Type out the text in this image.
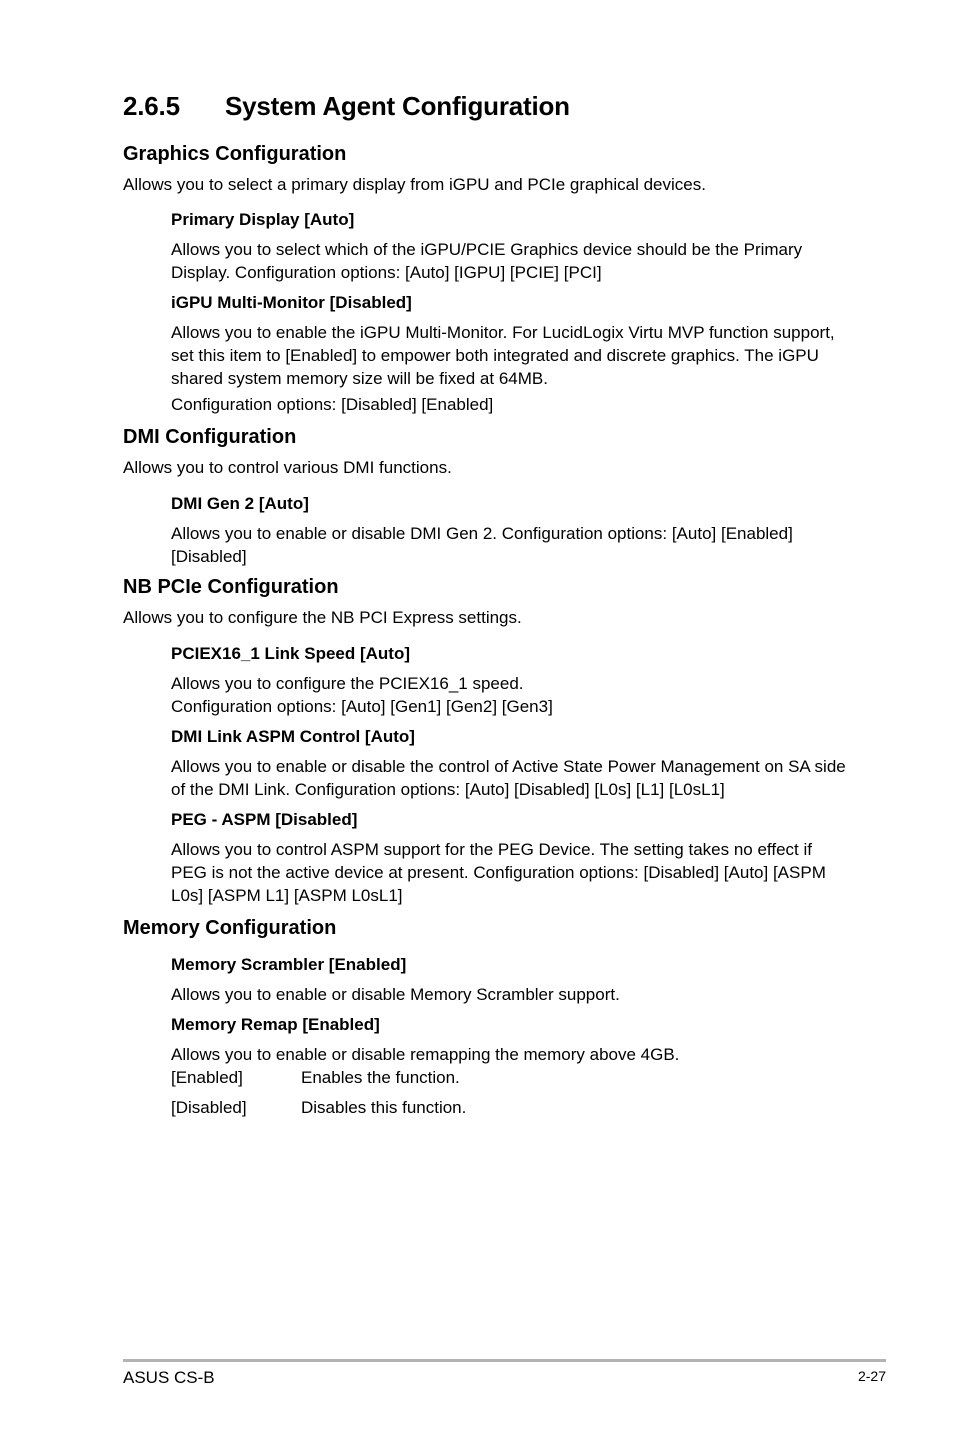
2.6.5 System Agent Configuration
Graphics Configuration

Allows you to select a primary display from iGPU and PCIe graphical devices.

Primary Display [Auto]

Allows you to select which of the iGPU/PCIE Graphics device should be the Primary Display. Configuration options: [Auto] [IGPU] [PCIE] [PCI]

iGPU Multi-Monitor [Disabled]

Allows you to enable the iGPU Multi-Monitor. For LucidLogix Virtu MVP function support, set this item to [Enabled] to empower both integrated and discrete graphics. The iGPU shared system memory size will be fixed at 64MB.

Configuration options: [Disabled] [Enabled]

DMI Configuration

Allows you to control various DMI functions.

DMI Gen 2 [Auto]

Allows you to enable or disable DMI Gen 2. Configuration options: [Auto] [Enabled] [Disabled]

NB PCIe Configuration

Allows you to configure the NB PCI Express settings.

PCIEX16_1 Link Speed [Auto]

Allows you to configure the PCIEX16_1 speed.

Configuration options: [Auto] [Gen1] [Gen2] [Gen3]

DMI Link ASPM Control [Auto]

Allows you to enable or disable the control of Active State Power Management on SA side of the DMI Link. Configuration options: [Auto] [Disabled] [L0s] [L1] [L0sL1]

PEG - ASPM [Disabled]

Allows you to control ASPM support for the PEG Device. The setting takes no effect if PEG is not the active device at present. Configuration options: [Disabled] [Auto] [ASPM L0s] [ASPM L1] [ASPM L0sL1]

Memory Configuration

Memory Scrambler [Enabled]

Allows you to enable or disable Memory Scrambler support.

Memory Remap [Enabled]

Allows you to enable or disable remapping the memory above 4GB.

[Enabled]	Enables the function.
[Disabled]	Disables this function.
ASUS CS-B	2-27
